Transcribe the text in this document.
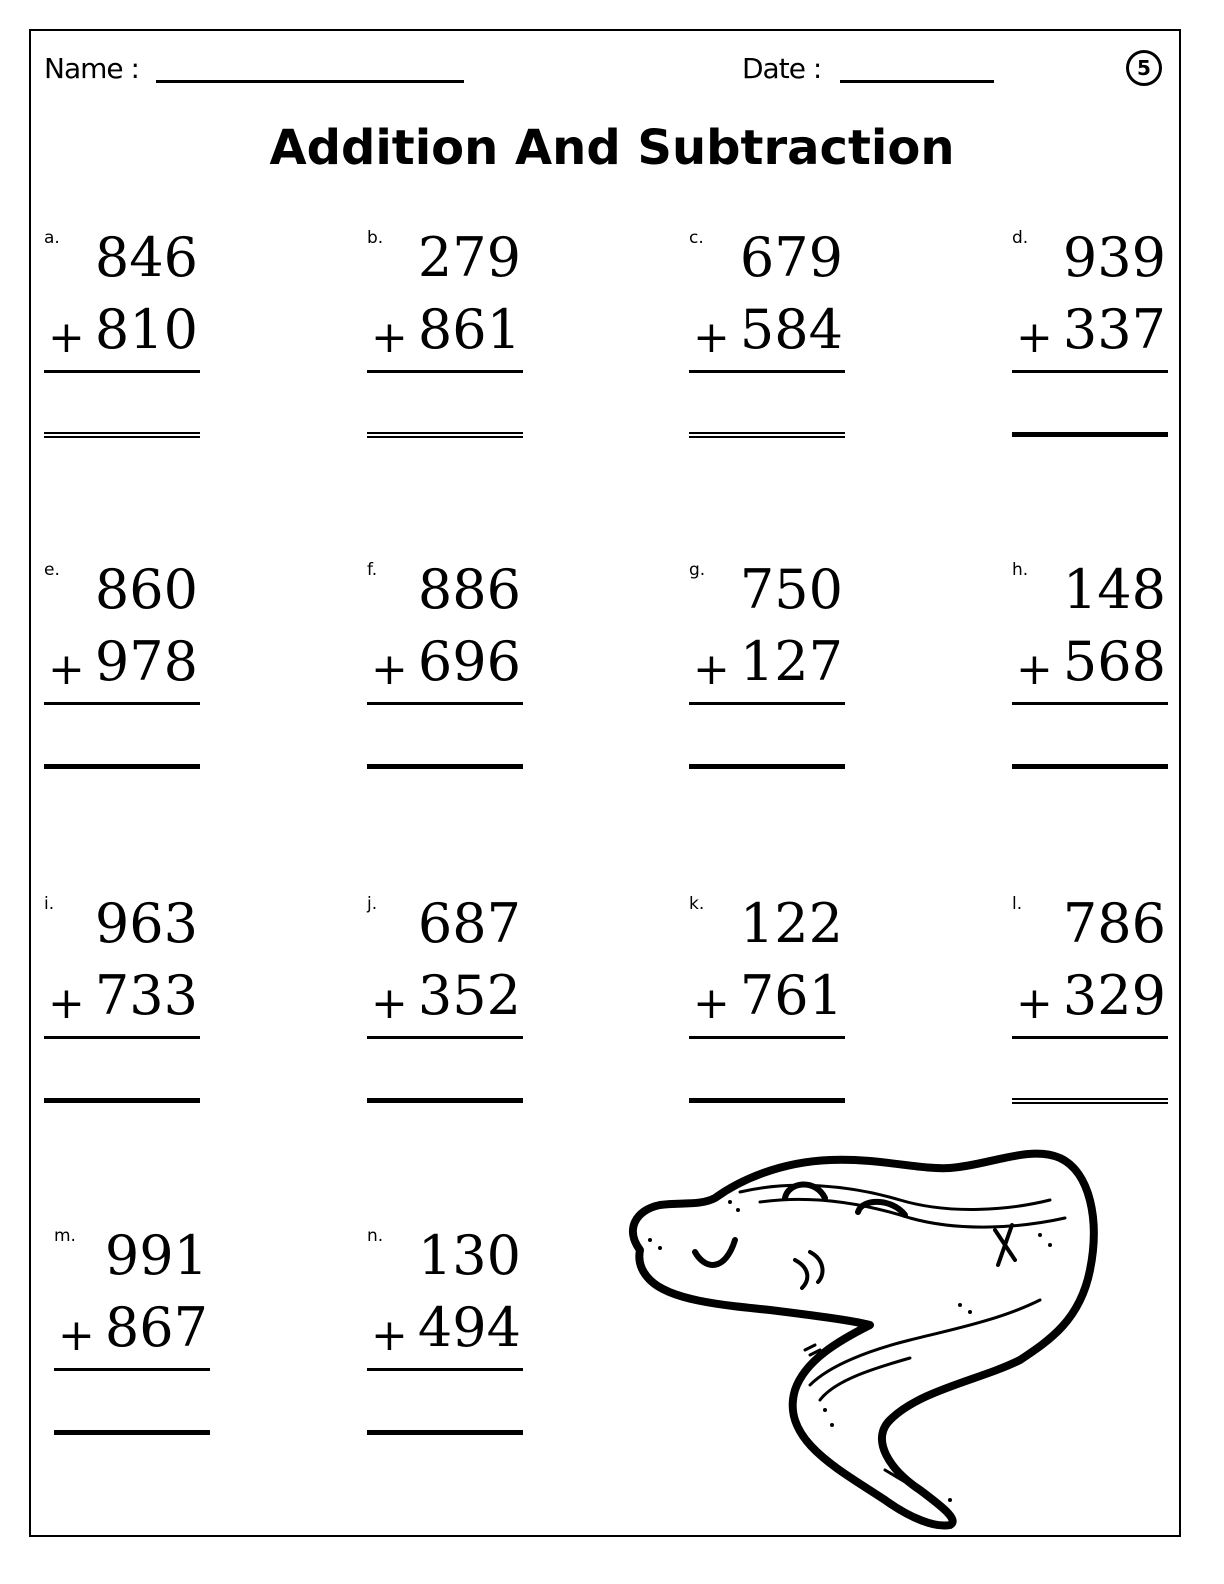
Name :	Date :	5
Addition And Subtraction
a. 846
+ 810
b. 279
+ 861
c. 679
+ 584
d. 939
+ 337
e. 860
+ 978
f. 886
+ 696
g. 750
+ 127
h. 148
+ 568
i. 963
+ 733
j. 687
+ 352
k. 122
+ 761
l. 786
+ 329
m. 991
+ 867
n. 130
+ 494
